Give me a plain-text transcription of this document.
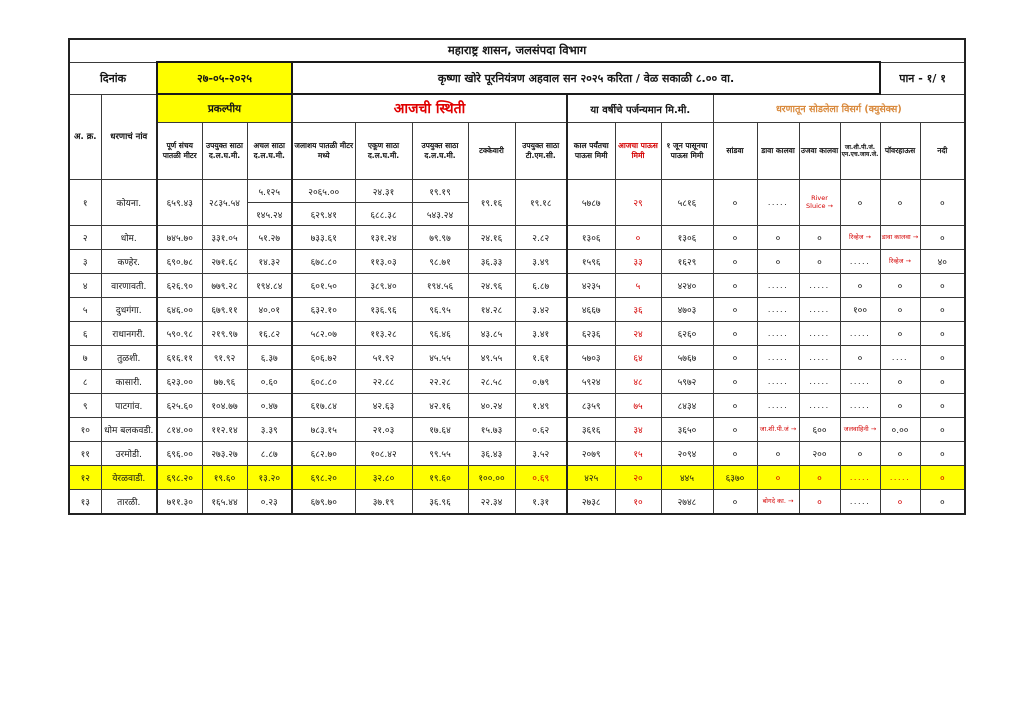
महाराष्ट्र शासन, जलसंपदा विभाग																		
दिनांक		२७-०५-२०२५			कृष्णा खोरे पूरनियंत्रण अहवाल सन २०२५ करिता / वेळ सकाळी ८.०० वा.												पान - १/ १	
अ. क्र.	धरणाचं नांव	प्रकल्पीय			आजची स्थिती					या वर्षीचे पर्जन्यमान मि.मी.			धरणातून सोडलेला विसर्ग (क्युसेक्स)					
		पूर्ण संचय पातळी मीटर	उपयुक्त साठा द.ल.घ.मी.	अचल साठा द.ल.घ.मी.	जलाशय पातळी मीटर मध्ये	एकूण साठा द.ल.घ.मी.	उपयुक्त साठा द.ल.घ.मी.	टक्केवारी	उपयुक्त साठा टी.एम.सी.	काल पर्यंतचा पाऊस मिमी	आजचा पाऊस मिमी	१ जून पासूनचा पाऊस मिमी	सांडवा	डावा कालवा	उजवा कालवा	जा.शी.पी.जं. एन.एच.जाय.जे.	पॉवरहाऊस	नदी
१	कोयना.	६५९.४३	२८३५.५४	५.१२५	२०६५.००	२४.३१	१९.१९	१९.१६	१९.१८	५७८७	२९	५८१६	०	.....	River Sluice →	०	०	०
				१४५.२४	६२९.४१	६८८.३८	५४३.२४											
२	धोम.	७४५.७०	३३१.०५	५१.२७	७३३.६१	१३१.२४	७९.९७	२४.१६	२.८२	१३०६	०	१३०६	०	०	०	रिव्हेज →	डावा कालवा →	०
३	कण्हेर.	६९०.७८	२७१.६८	१४.३२	६७८.८०	११३.०३	९८.७१	३६.३३	३.४९	१५९६	३३	१६२९	०	०	०	.....	रिव्हेज →	४०
४	वारणावती.	६२६.९०	७७९.२८	१९४.८४	६०१.५०	३८९.४०	१९४.५६	२४.९६	६.८७	४२३५	५	४२४०	०	.....	.....	०	०	०
५	दुधगंगा.	६४६.००	६७९.११	४०.०१	६३२.१०	१३६.९६	९६.९५	१४.२८	३.४२	४६६७	३६	४७०३	०	.....	.....	१००	०	०
६	राधानगरी.	५९०.९८	२१९.९७	१६.८२	५८२.०७	११३.२८	९६.४६	४३.८५	३.४१	६२३६	२४	६२६०	०	.....	.....	.....	०	०
७	तुळशी.	६१६.११	९१.९२	६.३७	६०६.७२	५१.९२	४५.५५	४९.५५	१.६१	५७०३	६४	५७६७	०	.....	.....	०	....	०
८	कासारी.	६२३.००	७७.९६	०.६०	६०८.८०	२२.८८	२२.२८	२८.५८	०.७९	५९२४	४८	५९७२	०	.....	.....	.....	०	०
९	पाटगांव.	६२५.६०	१०४.७७	०.४७	६१७.८४	४२.६३	४२.१६	४०.२४	१.४९	८३५९	७५	८४३४	०	.....	.....	.....	०	०
१०	धोम बलकवडी.	८१४.००	११२.१४	३.३९	७८३.१५	२१.०३	१७.६४	१५.७३	०.६२	३६१६	३४	३६५०	०	जा.शी.पी.जं →	६००	जलवाहिनी →	०.००	०
११	उरमोडी.	६९६.००	२७३.२७	८.८७	६८२.७०	१०८.४२	९९.५५	३६.४३	३.५२	२०७९	१५	२०९४	०	०	२००	०	०	०
१२	येरळवाडी.	६९८.२०	१९.६०	१३.२०	६९८.२०	३२.८०	१९.६०	१००.००	०.६९	४२५	२०	४४५	६३७०	०	०	.....	.....	०
१३	तारळी.	७११.३०	१६५.४४	०.२३	६७९.७०	३७.१९	३६.९६	२२.३४	१.३१	२७३८	१०	२७४८	०	बोगदे का. →	०	.....	०	०
